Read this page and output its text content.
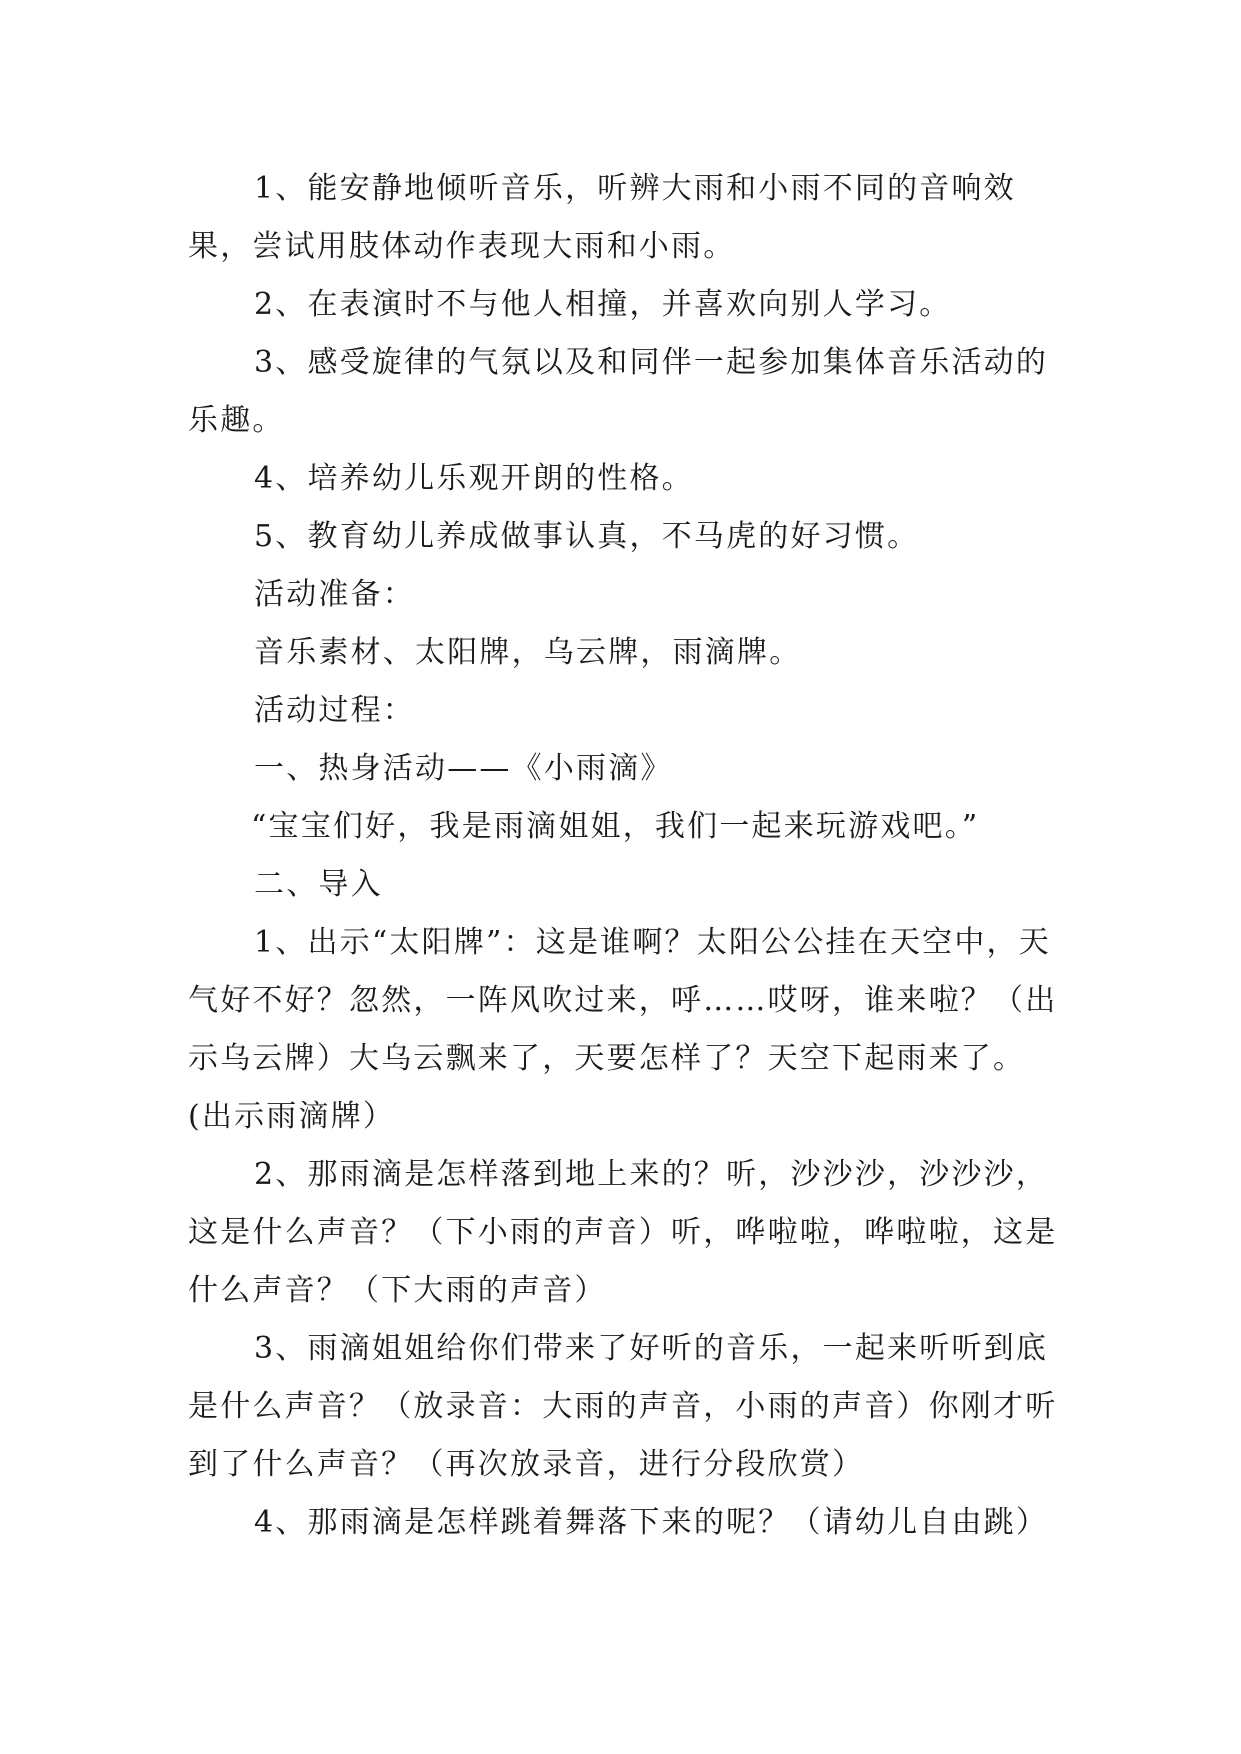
1、能安静地倾听音乐，听辨大雨和小雨不同的音响效果，尝试用肢体动作表现大雨和小雨。

2、在表演时不与他人相撞，并喜欢向别人学习。

3、感受旋律的气氛以及和同伴一起参加集体音乐活动的乐趣。

4、培养幼儿乐观开朗的性格。

5、教育幼儿养成做事认真，不马虎的好习惯。

活动准备：

音乐素材、太阳牌，乌云牌，雨滴牌。

活动过程：

一、热身活动——《小雨滴》

“宝宝们好，我是雨滴姐姐，我们一起来玩游戏吧。”

二、导入

1、出示“太阳牌”：这是谁啊？太阳公公挂在天空中，天气好不好？忽然，一阵风吹过来，呼……哎呀，谁来啦？（出示乌云牌）大乌云飘来了，天要怎样了？天空下起雨来了。(出示雨滴牌）

2、那雨滴是怎样落到地上来的？听，沙沙沙，沙沙沙，这是什么声音？（下小雨的声音）听，哗啦啦，哗啦啦，这是什么声音？（下大雨的声音）

3、雨滴姐姐给你们带来了好听的音乐，一起来听听到底是什么声音？（放录音：大雨的声音，小雨的声音）你刚才听到了什么声音？（再次放录音，进行分段欣赏）

4、那雨滴是怎样跳着舞落下来的呢？（请幼儿自由跳）
